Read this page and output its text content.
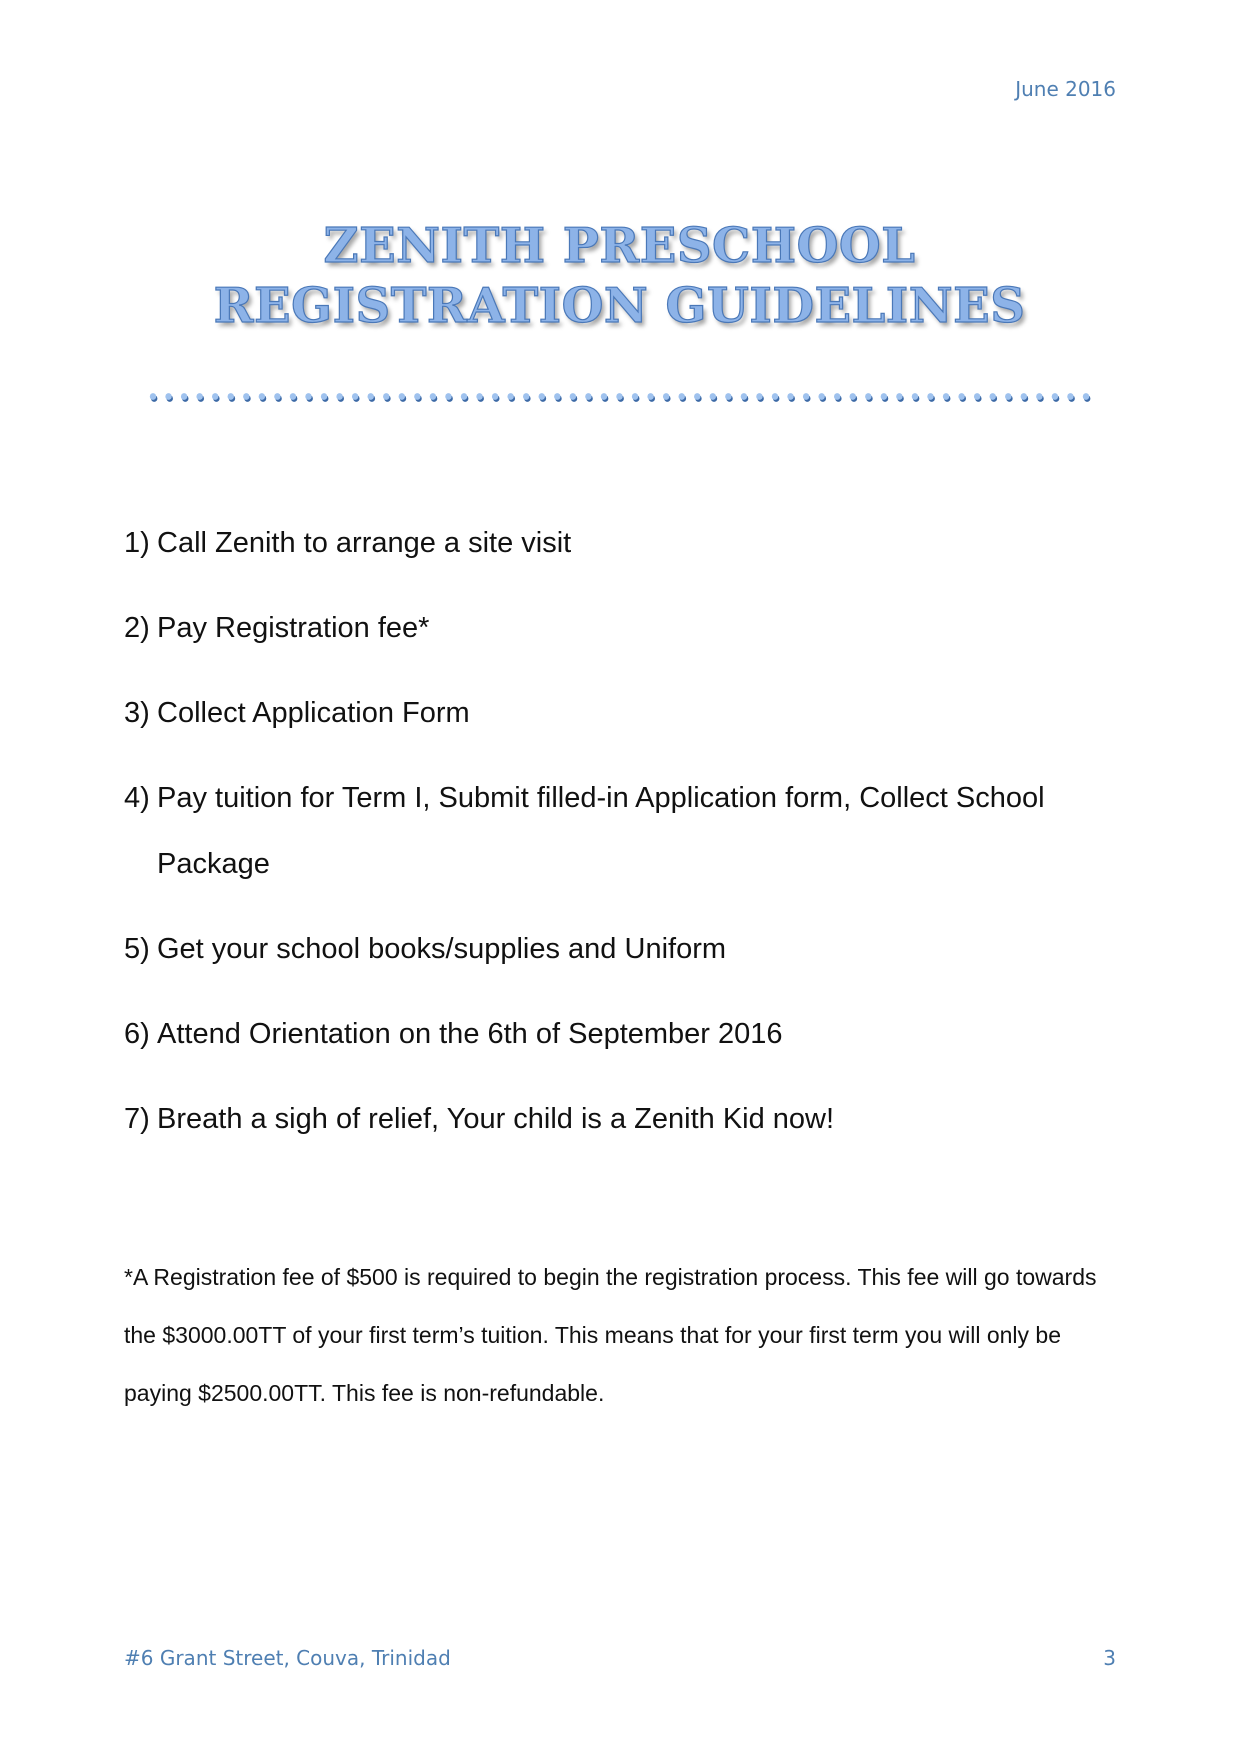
June 2016
ZENITH PRESCHOOL
REGISTRATION GUIDELINES
1) Call Zenith to arrange a site visit
2) Pay Registration fee*
3) Collect Application Form
4) Pay tuition for Term I, Submit filled-in Application form, Collect School Package
5) Get your school books/supplies and Uniform
6) Attend Orientation on the 6th of September 2016
7) Breath a sigh of relief, Your child is a Zenith Kid now!
*A Registration fee of $500 is required to begin the registration process. This fee will go towards the $3000.00TT of your first term’s tuition. This means that for your first term you will only be paying $2500.00TT. This fee is non-refundable.
#6 Grant Street, Couva, Trinidad	3
